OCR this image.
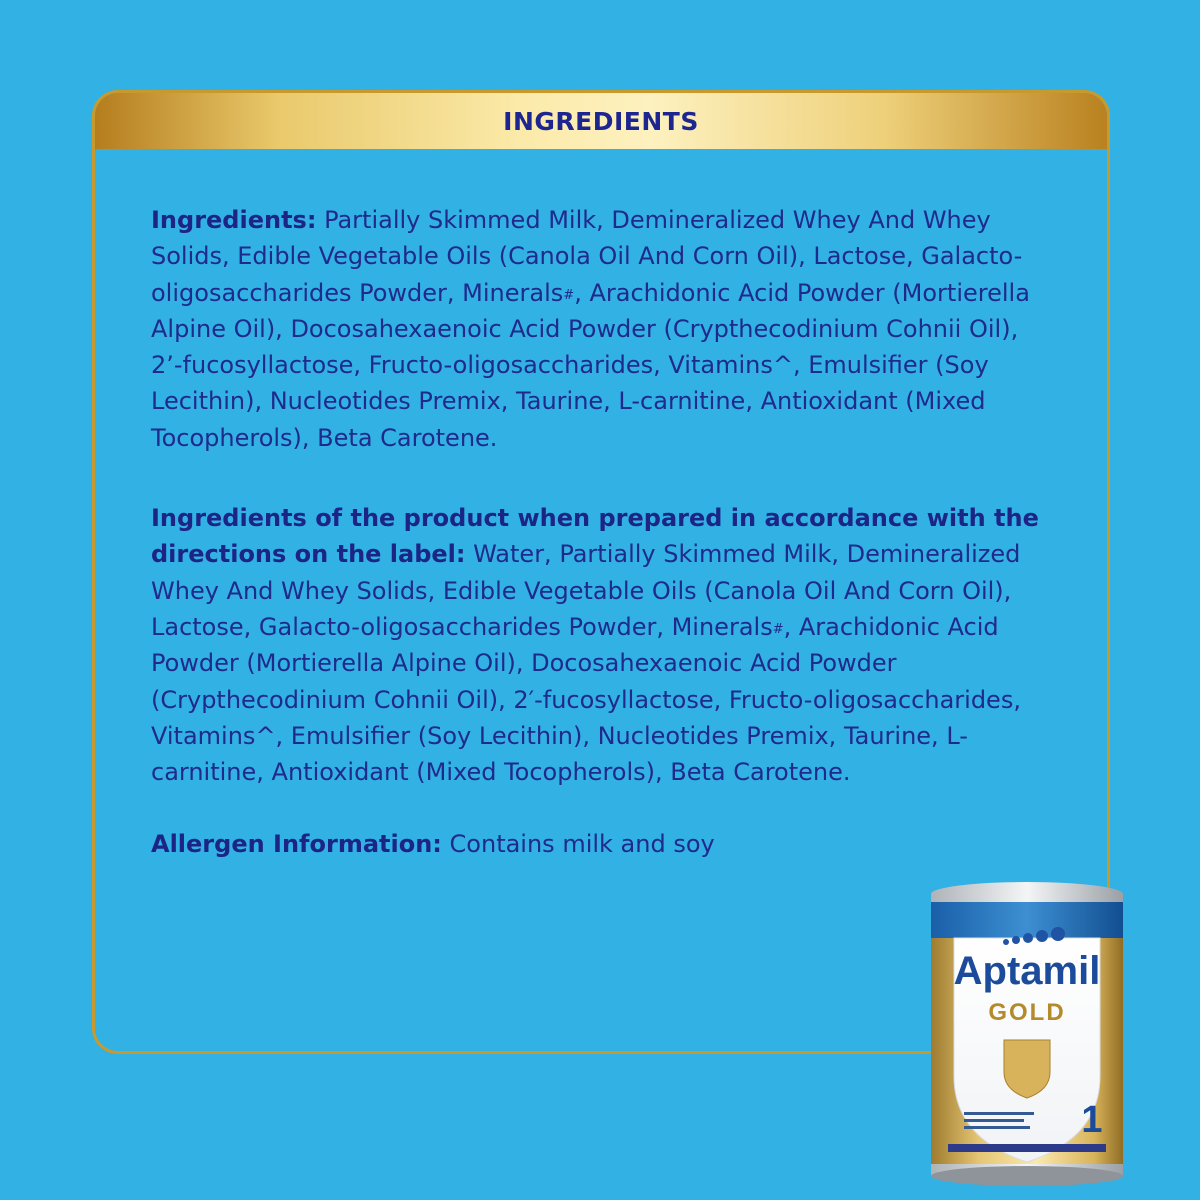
INGREDIENTS

Ingredients: Partially Skimmed Milk, Demineralized Whey And Whey Solids, Edible Vegetable Oils (Canola Oil And Corn Oil), Lactose, Galacto-oligosaccharides Powder, Minerals#, Arachidonic Acid Powder (Mortierella Alpine Oil), Docosahexaenoic Acid Powder (Crypthecodinium Cohnii Oil), 2’-fucosyllactose, Fructo-oligosaccharides, Vitamins^, Emulsifier (Soy Lecithin), Nucleotides Premix, Taurine, L-carnitine, Antioxidant (Mixed Tocopherols), Beta Carotene.

Ingredients of the product when prepared in accordance with the directions on the label: Water, Partially Skimmed Milk, Demineralized Whey And Whey Solids, Edible Vegetable Oils (Canola Oil And Corn Oil), Lactose, Galacto-oligosaccharides Powder, Minerals#, Arachidonic Acid Powder (Mortierella Alpine Oil), Docosahexaenoic Acid Powder (Crypthecodinium Cohnii Oil), 2′-fucosyllactose, Fructo-oligosaccharides, Vitamins^, Emulsifier (Soy Lecithin), Nucleotides Premix, Taurine, L-carnitine, Antioxidant (Mixed Tocopherols), Beta Carotene.

Allergen Information: Contains milk and soy

Aptamil
GOLD
1
